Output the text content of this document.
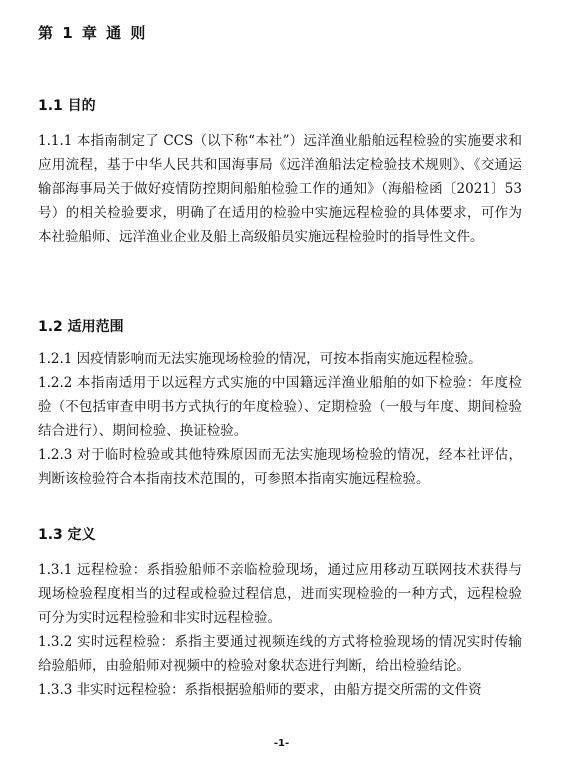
第 1 章 通 则
1.1 目的

1.1.1 本指南制定了 CCS（以下称“本社”）远洋渔业船舶远程检验的实施要求和应用流程，基于中华人民共和国海事局《远洋渔船法定检验技术规则》、《交通运输部海事局关于做好疫情防控期间船舶检验工作的通知》（海船检函〔2021〕53 号）的相关检验要求，明确了在适用的检验中实施远程检验的具体要求，可作为本社验船师、远洋渔业企业及船上高级船员实施远程检验时的指导性文件。

1.2 适用范围

1.2.1 因疫情影响而无法实施现场检验的情况，可按本指南实施远程检验。

1.2.2 本指南适用于以远程方式实施的中国籍远洋渔业船舶的如下检验：年度检验（不包括审查申明书方式执行的年度检验）、定期检验（一般与年度、期间检验结合进行）、期间检验、换证检验。

1.2.3 对于临时检验或其他特殊原因而无法实施现场检验的情况，经本社评估，判断该检验符合本指南技术范围的，可参照本指南实施远程检验。

1.3 定义

1.3.1 远程检验：系指验船师不亲临检验现场，通过应用移动互联网技术获得与现场检验程度相当的过程或检验过程信息，进而实现检验的一种方式，远程检验可分为实时远程检验和非实时远程检验。

1.3.2 实时远程检验：系指主要通过视频连线的方式将检验现场的情况实时传输给验船师，由验船师对视频中的检验对象状态进行判断，给出检验结论。

1.3.3 非实时远程检验：系指根据验船师的要求，由船方提交所需的文件资

-1-
